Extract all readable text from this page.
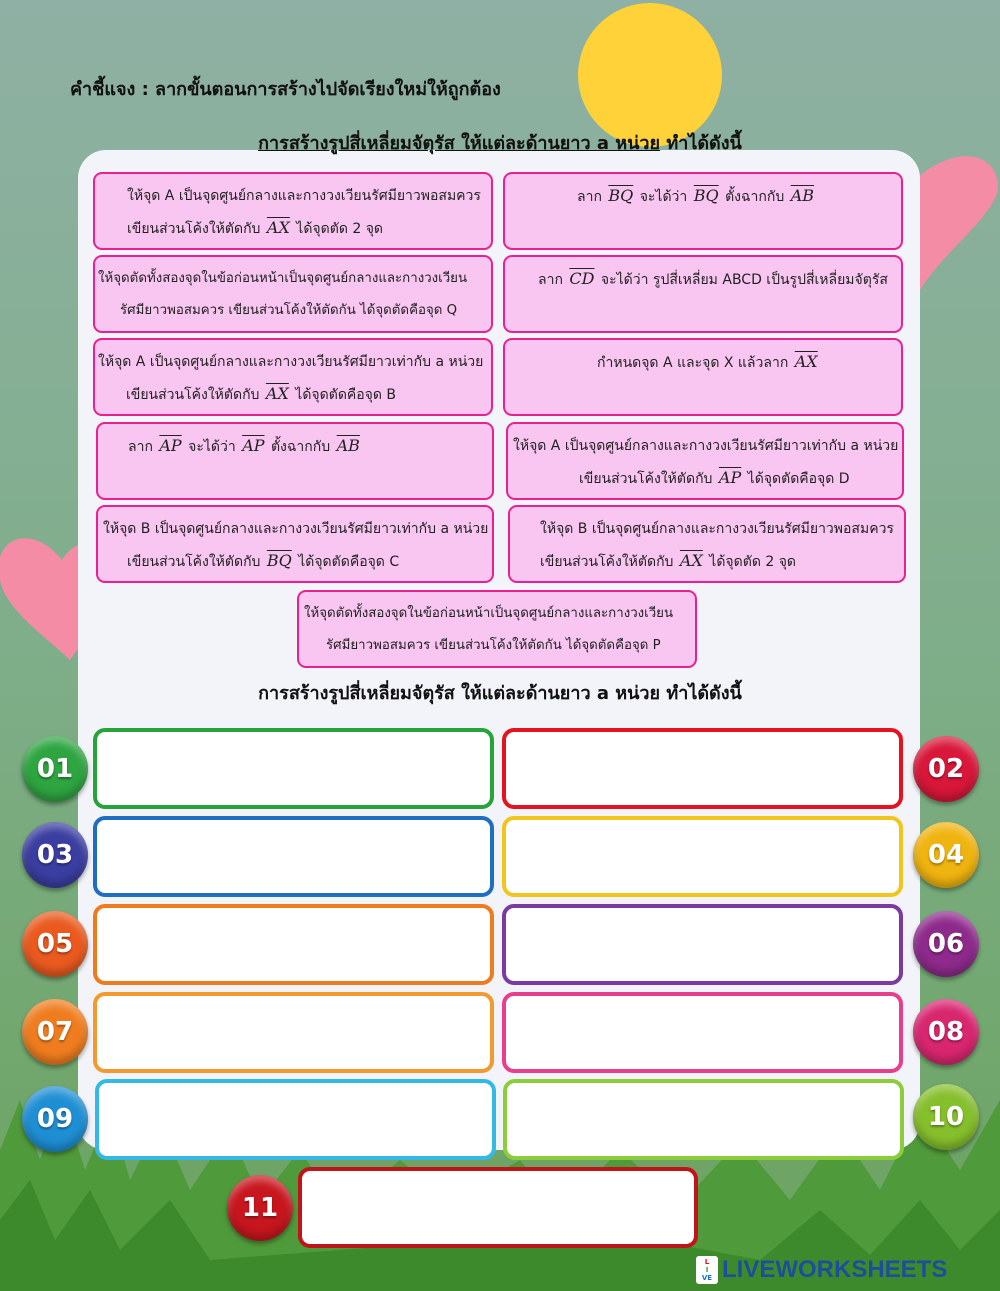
คำชี้แจง : ลากขั้นตอนการสร้างไปจัดเรียงใหม่ให้ถูกต้อง
การสร้างรูปสี่เหลี่ยมจัตุรัส ให้แต่ละด้านยาว a หน่วย ทำได้ดังนี้
ให้จุด A เป็นจุดศูนย์กลางและกางวงเวียนรัศมียาวพอสมควร
เขียนส่วนโค้งให้ตัดกับ $\overline{AX}$ ได้จุดตัด 2 จุด
ลาก $\overline{BQ}$ จะได้ว่า $\overline{BQ}$ ตั้งฉากกับ $\overline{AB}$
ให้จุดตัดทั้งสองจุดในข้อก่อนหน้าเป็นจุดศูนย์กลางและกางวงเวียน
รัศมียาวพอสมควร เขียนส่วนโค้งให้ตัดกัน ได้จุดตัดคือจุด Q
ลาก $\overline{CD}$ จะได้ว่า รูปสี่เหลี่ยม ABCD เป็นรูปสี่เหลี่ยมจัตุรัส
ให้จุด A เป็นจุดศูนย์กลางและกางวงเวียนรัศมียาวเท่ากับ a หน่วย
เขียนส่วนโค้งให้ตัดกับ $\overline{AX}$ ได้จุดตัดคือจุด B
กำหนดจุด A และจุด X แล้วลาก $\overline{AX}$
ลาก $\overline{AP}$ จะได้ว่า $\overline{AP}$ ตั้งฉากกับ $\overline{AB}$	ให้จุด A เป็นจุดศูนย์กลางและกางวงเวียนรัศมียาวเท่ากับ a หน่วย
เขียนส่วนโค้งให้ตัดกับ $\overline{AP}$ ได้จุดตัดคือจุด D
ให้จุด B เป็นจุดศูนย์กลางและกางวงเวียนรัศมียาวเท่ากับ a หน่วย
เขียนส่วนโค้งให้ตัดกับ $\overline{BQ}$ ได้จุดตัดคือจุด C
ให้จุด B เป็นจุดศูนย์กลางและกางวงเวียนรัศมียาวพอสมควร
เขียนส่วนโค้งให้ตัดกับ $\overline{AX}$ ได้จุดตัด 2 จุด
ให้จุดตัดทั้งสองจุดในข้อก่อนหน้าเป็นจุดศูนย์กลางและกางวงเวียน
รัศมียาวพอสมควร เขียนส่วนโค้งให้ตัดกัน ได้จุดตัดคือจุด P
การสร้างรูปสี่เหลี่ยมจัตุรัส ให้แต่ละด้านยาว a หน่วย ทำได้ดังนี้
01	02
03	04
05	06
07	08
09	10
11
L
I
VE LIVEWORKSHEETS
